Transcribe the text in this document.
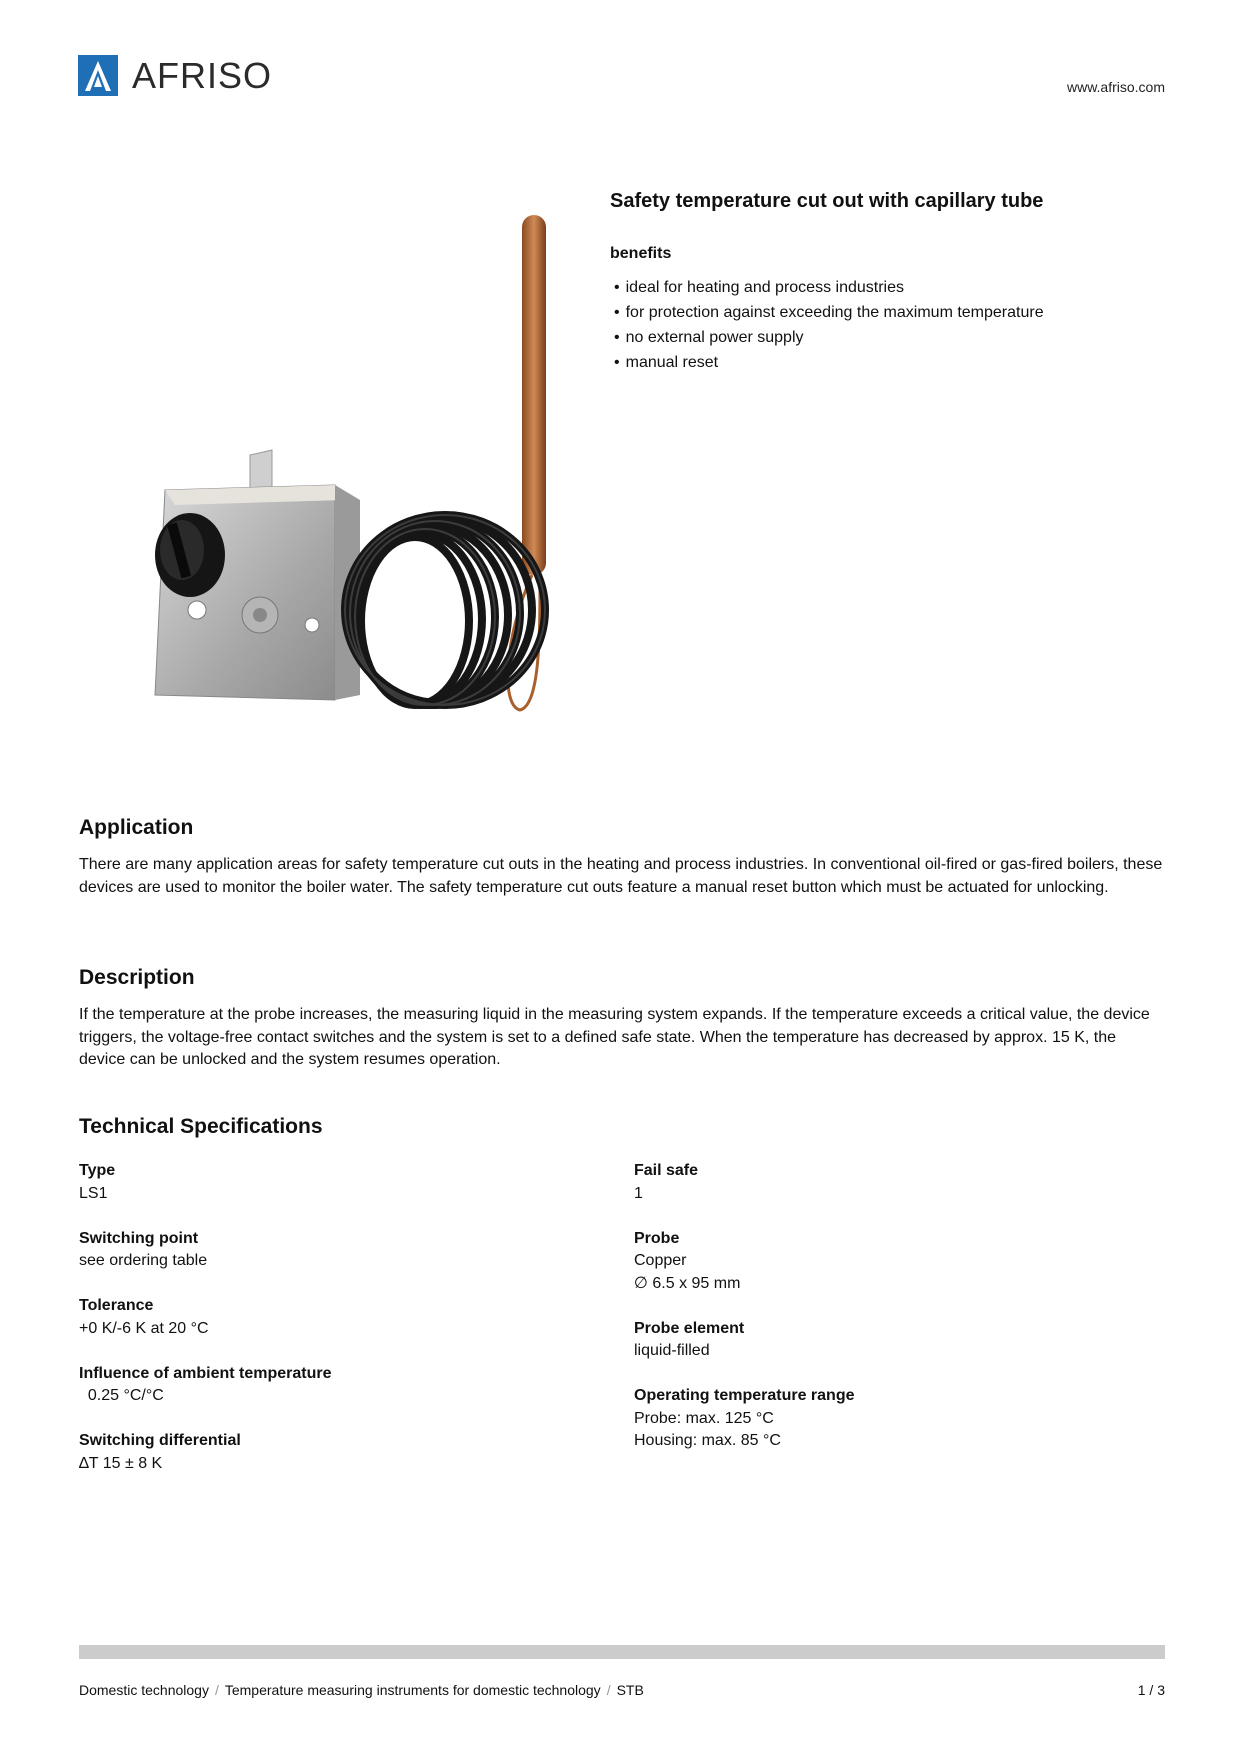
AFRISO	www.afriso.com
Safety temperature cut out with capillary tube
benefits
• ideal for heating and process industries
• for protection against exceeding the maximum temperature
• no external power supply
• manual reset
Application

There are many application areas for safety temperature cut outs in the heating and process industries. In conventional oil-fired or gas-fired boilers, these devices are used to monitor the boiler water. The safety temperature cut outs feature a manual reset button which must be actuated for unlocking.

Description

If the temperature at the probe increases, the measuring liquid in the measuring system expands. If the temperature exceeds a critical value, the device triggers, the voltage-free contact switches and the system is set to a defined safe state. When the temperature has decreased by approx. 15 K, the device can be unlocked and the system resumes operation.

Technical Specifications
Type
LS1
Switching point
see ordering table
Tolerance
+0 K/-6 K at 20 °C
Influence of ambient temperature
0.25 °C/°C
Switching differential
∆T 15 ± 8 K
Fail safe
1
Probe
Copper
∅ 6.5 x 95 mm
Probe element
liquid-filled
Operating temperature range
Probe: max. 125 °C
Housing: max. 85 °C
Domestic technology / Temperature measuring instruments for domestic technology / STB	1 / 3
